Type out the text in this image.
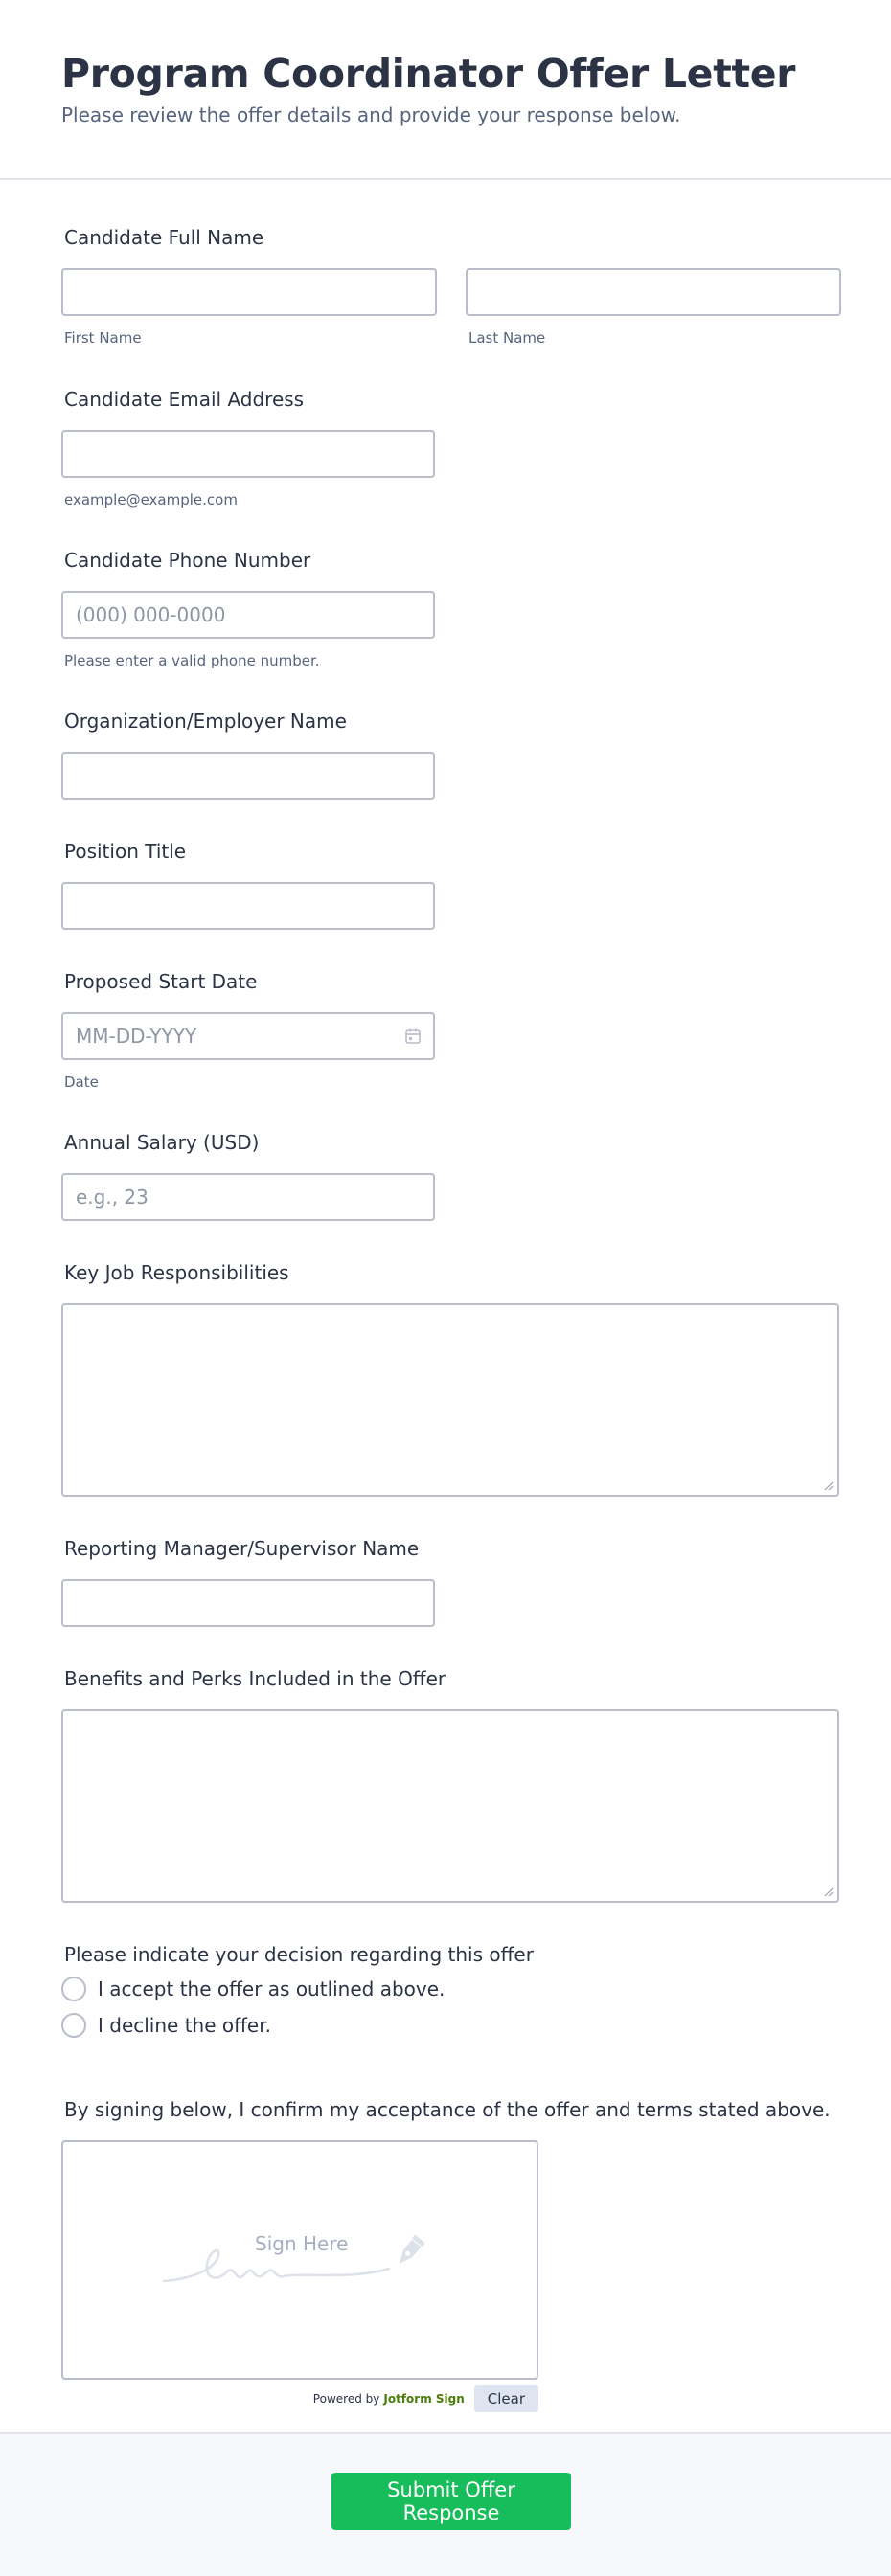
Program Coordinator Offer Letter
Please review the offer details and provide your response below.
Candidate Full Name
First Name	Last Name
Candidate Email Address
example@example.com
Candidate Phone Number
(000) 000-0000
Please enter a valid phone number.
Organization/Employer Name
Position Title
Proposed Start Date
MM-DD-YYYY
Date
Annual Salary (USD)
e.g., 23
Key Job Responsibilities
Reporting Manager/Supervisor Name
Benefits and Perks Included in the Offer
Please indicate your decision regarding this offer
I accept the offer as outlined above.
I decline the offer.
By signing below, I confirm my acceptance of the offer and terms stated above.
Sign Here
Powered by Jotform Sign	Clear
Submit Offer Response
